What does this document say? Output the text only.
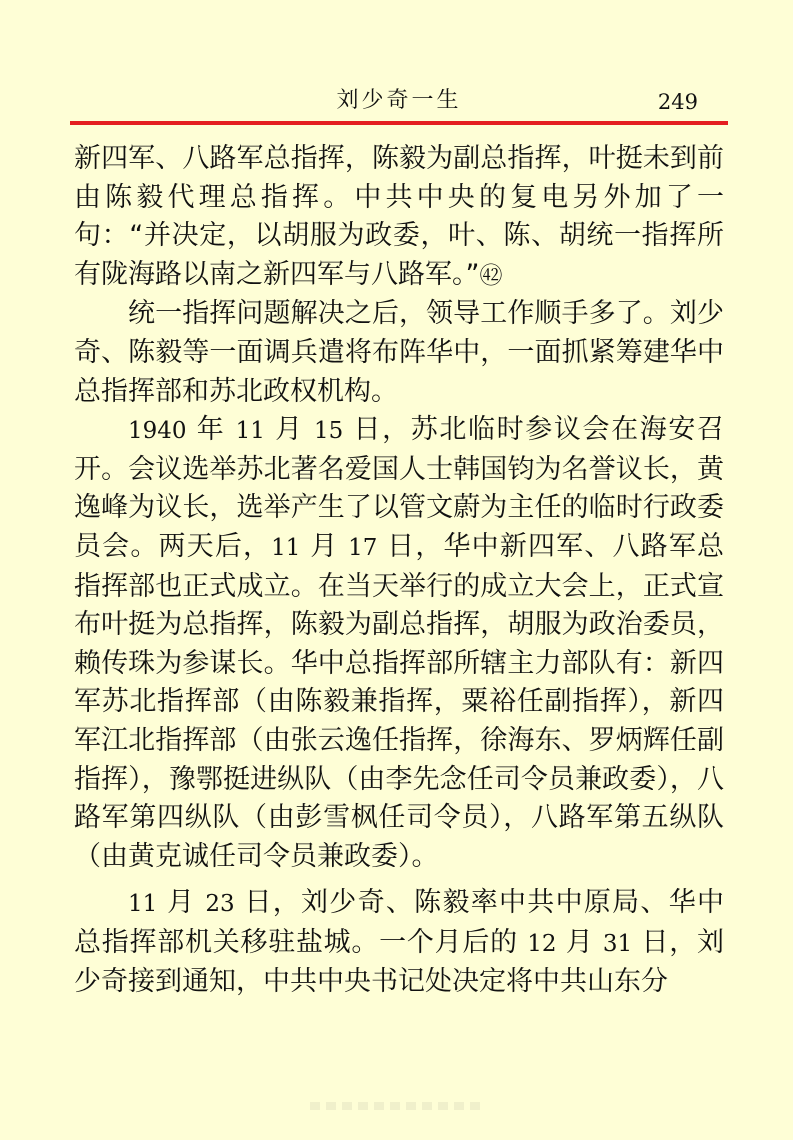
刘少奇一生	249

新四军、八路军总指挥，陈毅为副总指挥，叶挺未到前由陈毅代理总指挥。中共中央的复电另外加了一句：“并决定，以胡服为政委，叶、陈、胡统一指挥所有陇海路以南之新四军与八路军。”㊷

统一指挥问题解决之后，领导工作顺手多了。刘少奇、陈毅等一面调兵遣将布阵华中，一面抓紧筹建华中总指挥部和苏北政权机构。

1940 年 11 月 15 日，苏北临时参议会在海安召开。会议选举苏北著名爱国人士韩国钧为名誉议长，黄逸峰为议长，选举产生了以管文蔚为主任的临时行政委员会。两天后，11 月 17 日，华中新四军、八路军总指挥部也正式成立。在当天举行的成立大会上，正式宣布叶挺为总指挥，陈毅为副总指挥，胡服为政治委员，赖传珠为参谋长。华中总指挥部所辖主力部队有：新四军苏北指挥部（由陈毅兼指挥，粟裕任副指挥），新四军江北指挥部（由张云逸任指挥，徐海东、罗炳辉任副指挥），豫鄂挺进纵队（由李先念任司令员兼政委），八路军第四纵队（由彭雪枫任司令员），八路军第五纵队（由黄克诚任司令员兼政委）。

11 月 23 日，刘少奇、陈毅率中共中原局、华中总指挥部机关移驻盐城。一个月后的 12 月 31 日，刘少奇接到通知，中共中央书记处决定将中共山东分
